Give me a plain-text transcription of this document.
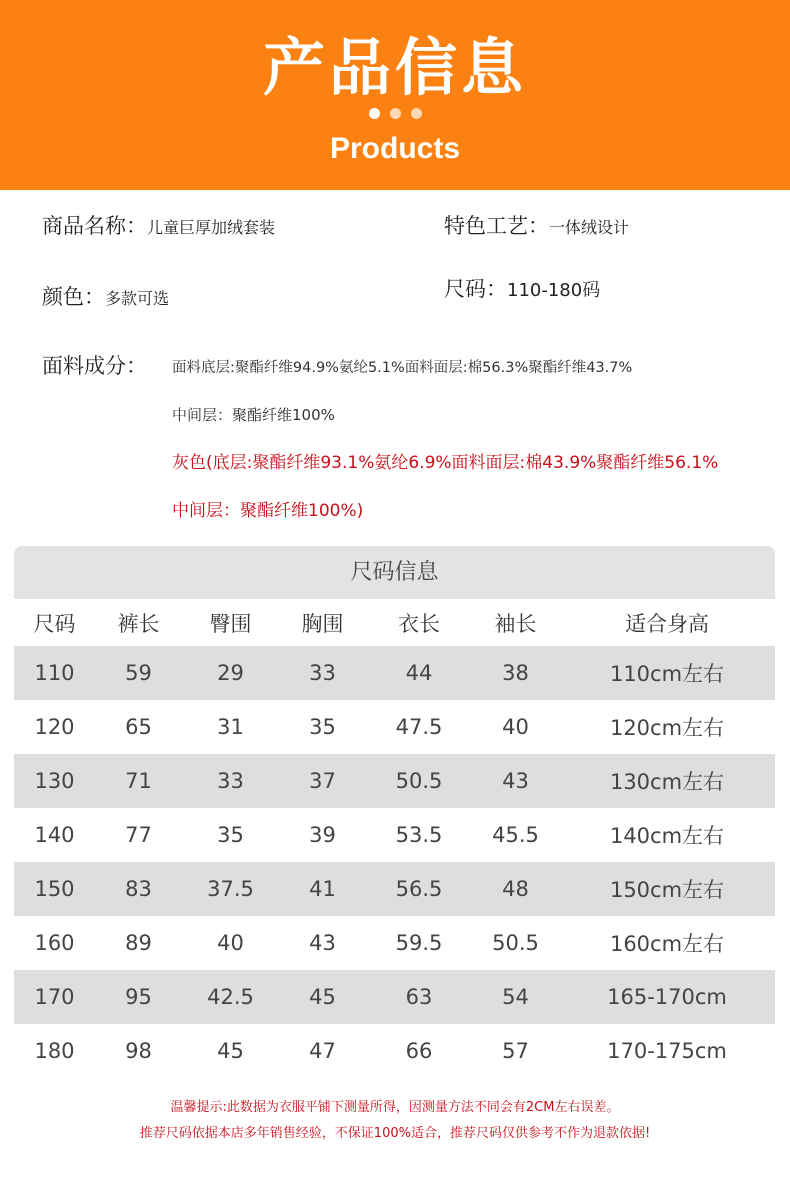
产品信息

Products
商品名称：儿童巨厚加绒套装	特色工艺：一体绒设计
颜色：多款可选	尺码：110-180码
面料成分： 面料底层:聚酯纤维94.9%氨纶5.1%面料面层:棉56.3%聚酯纤维43.7%
中间层：聚酯纤维100%
灰色(底层:聚酯纤维93.1%氨纶6.9%面料面层:棉43.9%聚酯纤维56.1%
中间层：聚酯纤维100%)
尺码信息
尺码	裤长	臀围	胸围	衣长	袖长	适合身高
110	59	29	33	44	38	110cm左右
120	65	31	35	47.5	40	120cm左右
130	71	33	37	50.5	43	130cm左右
140	77	35	39	53.5	45.5	140cm左右
150	83	37.5	41	56.5	48	150cm左右
160	89	40	43	59.5	50.5	160cm左右
170	95	42.5	45	63	54	165-170cm
180	98	45	47	66	57	170-175cm
温馨提示:此数据为衣服平铺下测量所得，因测量方法不同会有2CM左右误差。
推荐尺码依据本店多年销售经验，不保证100%适合，推荐尺码仅供参考不作为退款依据!
